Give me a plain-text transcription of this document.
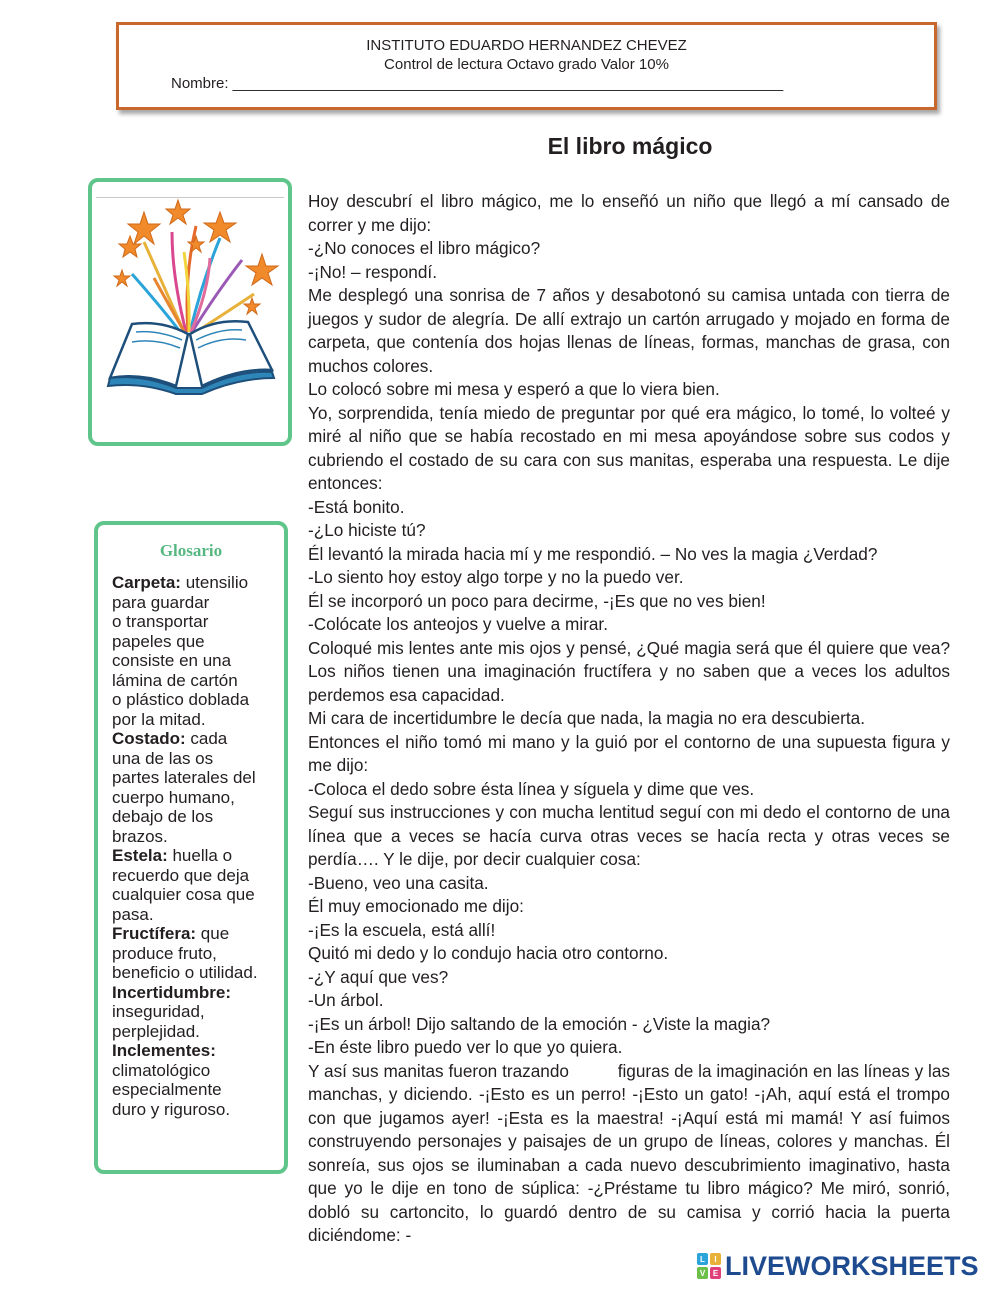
INSTITUTO EDUARDO HERNANDEZ CHEVEZ
Control de lectura Octavo grado Valor 10%
Nombre: __________________________________________________________________
El libro mágico
Glosario
Carpeta: utensilio
para guardar
o transportar
papeles que
consiste en una
lámina de cartón
o plástico doblada
por la mitad.
Costado: cada
una de las os
partes laterales del
cuerpo humano,
debajo de los
brazos.
Estela: huella o
recuerdo que deja
cualquier cosa que
pasa.
Fructífera: que
produce fruto,
beneficio o utilidad.
Incertidumbre:
inseguridad,
perplejidad.
Inclementes:
climatológico
especialmente
duro y riguroso.

Hoy descubrí el libro mágico, me lo enseñó un niño que llegó a mí cansado de correr y me dijo:

-¿No conoces el libro mágico?

-¡No! – respondí.

Me desplegó una sonrisa de 7 años y desabotonó su camisa untada con tierra de juegos y sudor de alegría. De allí extrajo un cartón arrugado y mojado en forma de carpeta, que contenía dos hojas llenas de líneas, formas, manchas de grasa, con muchos colores.

Lo colocó sobre mi mesa y esperó a que lo viera bien.

Yo, sorprendida, tenía miedo de preguntar por qué era mágico, lo tomé, lo volteé y miré al niño que se había recostado en mi mesa apoyándose sobre sus codos y cubriendo el costado de su cara con sus manitas, esperaba una respuesta. Le dije entonces:

-Está bonito.

-¿Lo hiciste tú?

Él levantó la mirada hacia mí y me respondió. – No ves la magia ¿Verdad?

-Lo siento hoy estoy algo torpe y no la puedo ver.

Él se incorporó un poco para decirme, -¡Es que no ves bien!

-Colócate los anteojos y vuelve a mirar.

Coloqué mis lentes ante mis ojos y pensé, ¿Qué magia será que él quiere que vea? Los niños tienen una imaginación fructífera y no saben que a veces los adultos perdemos esa capacidad.

Mi cara de incertidumbre le decía que nada, la magia no era descubierta.

Entonces el niño tomó mi mano y la guió por el contorno de una supuesta figura y me dijo:

-Coloca el dedo sobre ésta línea y síguela y dime que ves.

Seguí sus instrucciones y con mucha lentitud seguí con mi dedo el contorno de una línea que a veces se hacía curva otras veces se hacía recta y otras veces se perdía…. Y le dije, por decir cualquier cosa:

-Bueno, veo una casita.

Él muy emocionado me dijo:

-¡Es la escuela, está allí!

Quitó mi dedo y lo condujo hacia otro contorno.

-¿Y aquí que ves?

-Un árbol.

-¡Es un árbol! Dijo saltando de la emoción - ¿Viste la magia?

-En éste libro puedo ver lo que yo quiera.

Y así sus manitas fueron trazando          figuras de la imaginación en las líneas y las manchas, y diciendo. -¡Esto es un perro! -¡Esto un gato! -¡Ah, aquí está el trompo con que jugamos ayer! -¡Esta es la maestra! -¡Aquí está mi mamá! Y así fuimos construyendo personajes y paisajes de un grupo de líneas, colores y manchas. Él sonreía, sus ojos se iluminaban a cada nuevo descubrimiento imaginativo, hasta que yo le dije en tono de súplica: -¿Préstame tu libro mágico? Me miró, sonrió, dobló su cartoncito, lo guardó dentro de su camisa y corrió hacia la puerta diciéndome: -

L I
V E LIVEWORKSHEETS
